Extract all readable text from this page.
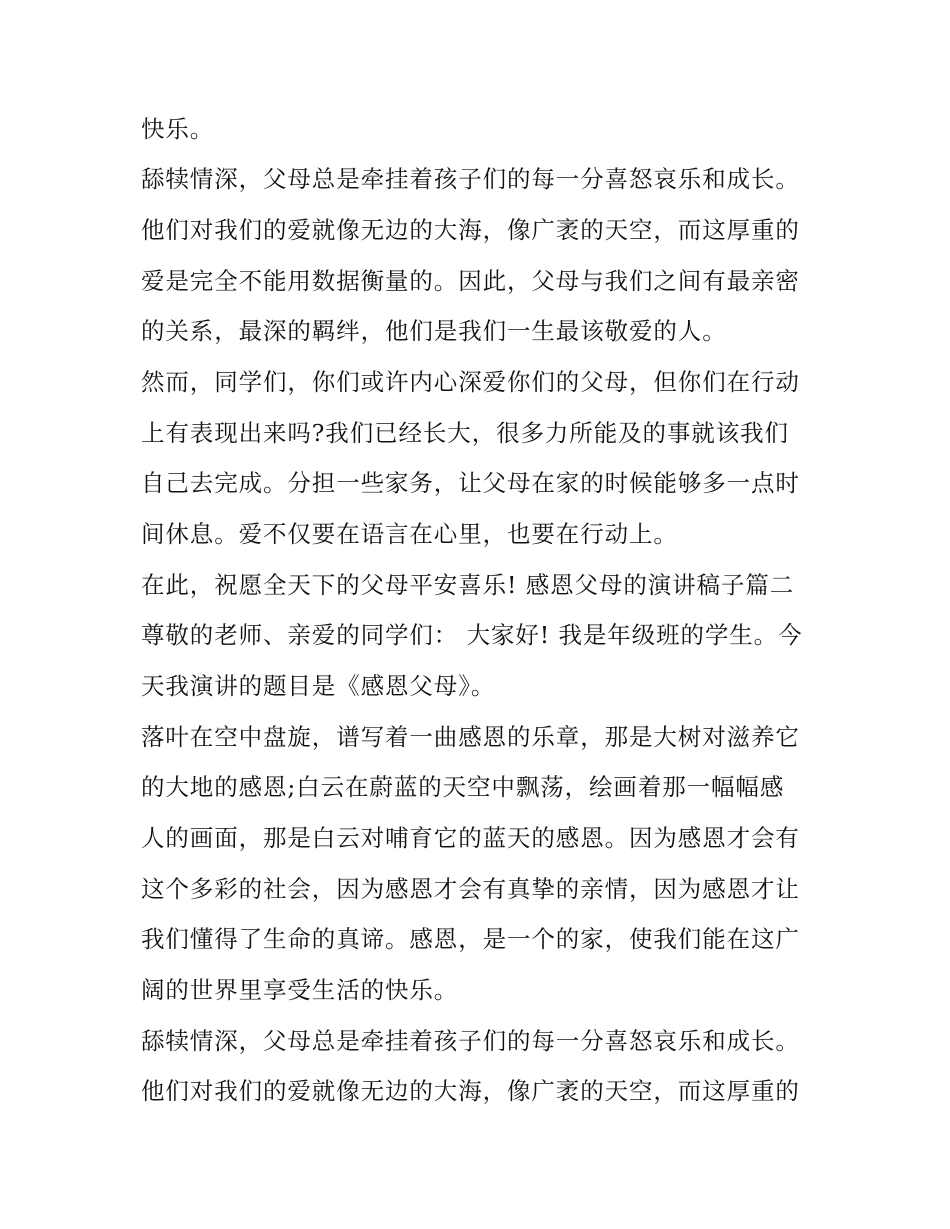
快乐。
舔犊情深，父母总是牵挂着孩子们的每一分喜怒哀乐和成长。
他们对我们的爱就像无边的大海，像广袤的天空，而这厚重的
爱是完全不能用数据衡量的。因此，父母与我们之间有最亲密
的关系，最深的羁绊，他们是我们一生最该敬爱的人。
然而，同学们，你们或许内心深爱你们的父母，但你们在行动
上有表现出来吗?我们已经长大，很多力所能及的事就该我们
自己去完成。分担一些家务，让父母在家的时候能够多一点时
间休息。爱不仅要在语言在心里，也要在行动上。
在此，祝愿全天下的父母平安喜乐! 感恩父母的演讲稿子篇二
尊敬的老师、亲爱的同学们： 大家好! 我是年级班的学生。今
天我演讲的题目是《感恩父母》。
落叶在空中盘旋，谱写着一曲感恩的乐章，那是大树对滋养它
的大地的感恩;白云在蔚蓝的天空中飘荡，绘画着那一幅幅感
人的画面，那是白云对哺育它的蓝天的感恩。因为感恩才会有
这个多彩的社会，因为感恩才会有真挚的亲情，因为感恩才让
我们懂得了生命的真谛。感恩，是一个的家，使我们能在这广
阔的世界里享受生活的快乐。
舔犊情深，父母总是牵挂着孩子们的每一分喜怒哀乐和成长。
他们对我们的爱就像无边的大海，像广袤的天空，而这厚重的
